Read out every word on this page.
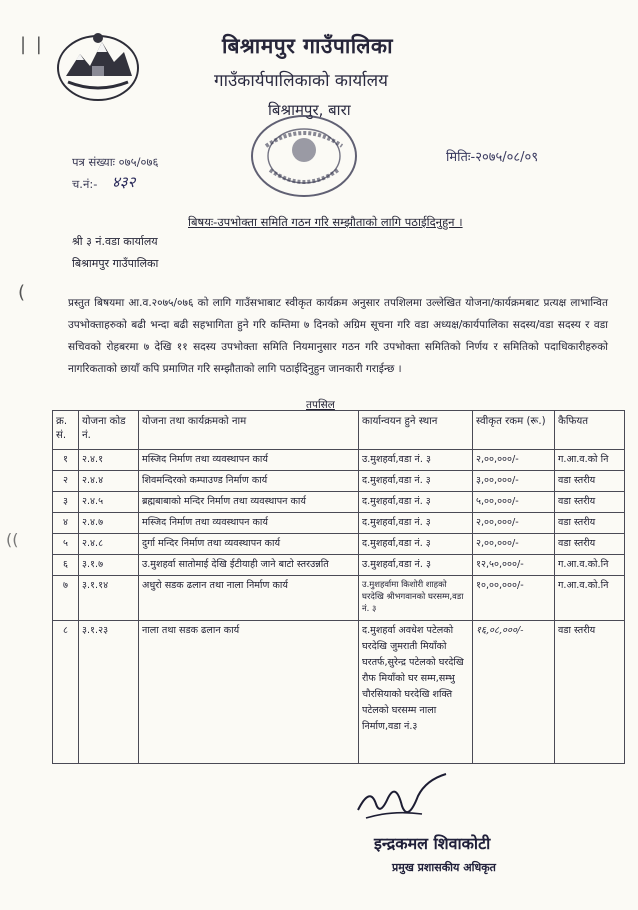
| |	बिश्रामपुर गाउँपालिका
गाउँकार्यपालिकाको कार्यालय
बिश्रामपुर, बारा
पत्र संख्याः ०७५/०७६
च.नं:- ४३२
मितिः-२०७५/०८/०९
बिषयः-उपभोक्ता समिति गठन गरि सम्झौताको लागि पठाईदिनुहुन ।
श्री ३ नं.वडा कार्यालय
बिश्रामपुर गाउँपालिका
(
((
प्रस्तुत बिषयमा आ.व.२०७५/०७६ को लागि गाउँसभाबाट स्वीकृत कार्यक्रम अनुसार तपशिलमा उल्लेखित योजना/कार्यक्रमबाट प्रत्यक्ष लाभान्वित उपभोक्ताहरुको बढी भन्दा बढी सहभागिता हुने गरि कम्तिमा ७ दिनको अग्रिम सूचना गरि वडा अध्यक्ष/कार्यपालिका सदस्य/वडा सदस्य र वडा सचिवको रोहबरमा ७ देखि ११ सदस्य उपभोक्ता समिति नियमानुसार गठन गरि उपभोक्ता समितिको निर्णय र समितिको पदाधिकारीहरुको नागरिकताको छायाँ कपि प्रमाणित गरि सम्झौताको लागि पठाईदिनुहुन जानकारी गराईन्छ ।
तपसिल
क्र. सं.	योजना कोड नं.	योजना तथा कार्यक्रमको नाम	कार्यान्वयन हुने स्थान	स्वीकृत रकम (रू.)	कैफियत
१	२.४.१	मस्जिद निर्माण तथा व्यवस्थापन कार्य	उ.मुशहर्वा,वडा नं. ३	२,००,०००/-	ग.आ.व.को नि
२	२.४.४	शिवमन्दिरको कम्पाउण्ड निर्माण कार्य	द.मुशहर्वा,वडा नं. ३	३,००,०००/-	वडा स्तरीय
३	२.४.५	ब्रह्मबाबाको मन्दिर निर्माण तथा व्यवस्थापन कार्य	द.मुशहर्वा,वडा नं. ३	५,००,०००/-	वडा स्तरीय
४	२.४.७	मस्जिद निर्माण तथा व्यवस्थापन कार्य	द.मुशहर्वा,वडा नं. ३	२,००,०००/-	वडा स्तरीय
५	२.४.८	दुर्गा मन्दिर निर्माण तथा व्यवस्थापन कार्य	द.मुशहर्वा,वडा नं. ३	२,००,०००/-	वडा स्तरीय
६	३.१.७	उ.मुशहर्वा सातोमाई देखि ईटीयाही जाने बाटो स्तरउन्नति	उ.मुशहर्वा,वडा नं. ३	१२,५०,०००/-	ग.आ.व.को.नि
७	३.१.१४	अधुरो सडक ढलान तथा नाला निर्माण कार्य	उ.मुशहर्वामा किशोरी शाहको घरदेखि श्रीभगवानको घरसम्म,वडा नं. ३	१०,००,०००/-	ग.आ.व.को.नि
८	३.१.२३	नाला तथा सडक ढलान कार्य	द.मुशहर्वा अवधेश पटेलको घरदेखि जुमराती मियाँको घरतर्फ,सुरेन्द्र पटेलको घरदेखि रौफ मियाँको घर सम्म,सम्भु चौरसियाको घरदेखि शक्ति पटेलको घरसम्म नाला निर्माण,वडा नं.३	१६,०८,०००/-	वडा स्तरीय
इन्द्रकमल शिवाकोटी
प्रमुख प्रशासकीय अधिकृत
